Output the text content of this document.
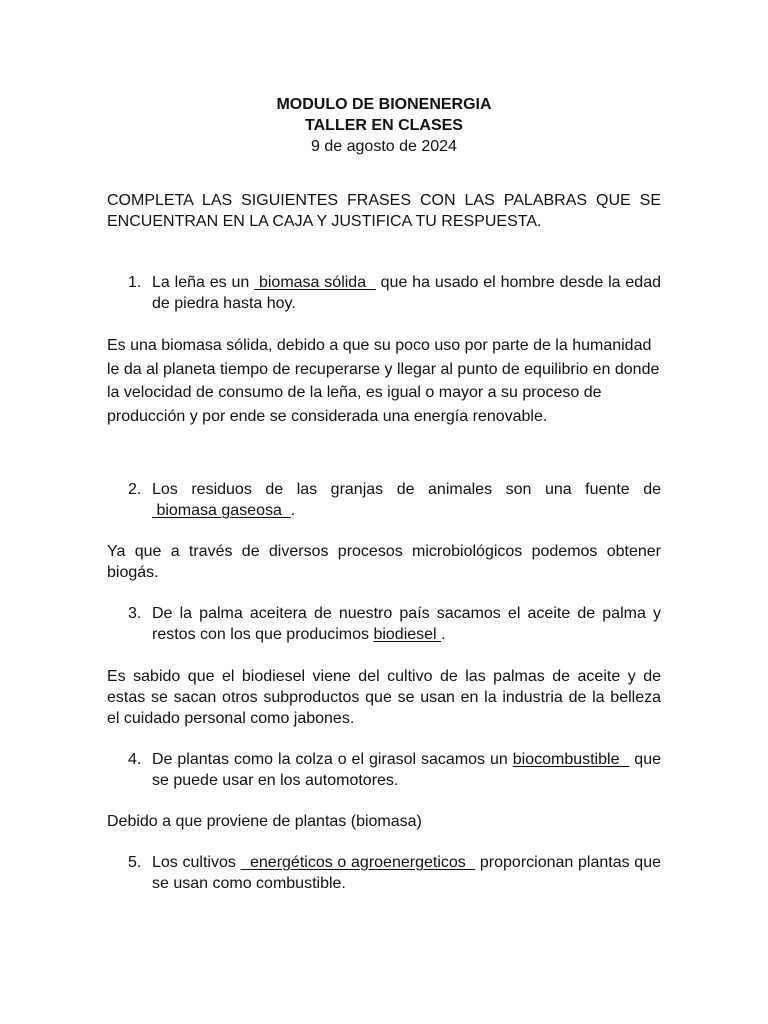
MODULO DE BIONENERGIA
TALLER EN CLASES
9 de agosto de 2024

COMPLETA LAS SIGUIENTES FRASES CON LAS PALABRAS QUE SE ENCUENTRAN EN LA CAJA Y JUSTIFICA TU RESPUESTA.

1. La leña es un  biomasa sólida   que ha usado el hombre desde la edad de piedra hasta hoy.

Es una biomasa sólida, debido a que su poco uso por parte de la humanidad le da al planeta tiempo de recuperarse y llegar al punto de equilibrio en donde la velocidad de consumo de la leña, es igual o mayor a su proceso de producción y por ende se considerada una energía renovable.

2. Los residuos de las granjas de animales son una fuente de  biomasa gaseosa  .

Ya que a través de diversos procesos microbiológicos podemos obtener biogás.

3. De la palma aceitera de nuestro país sacamos el aceite de palma y restos con los que producimos biodiesel .

Es sabido que el biodiesel viene del cultivo de las palmas de aceite y de estas se sacan otros subproductos que se usan en la industria de la belleza el cuidado personal como jabones.

4. De plantas como la colza o el girasol sacamos un biocombustible   que se puede usar en los automotores.

Debido a que proviene de plantas (biomasa)

5. Los cultivos   energéticos o agroenergeticos   proporcionan plantas que se usan como combustible.
